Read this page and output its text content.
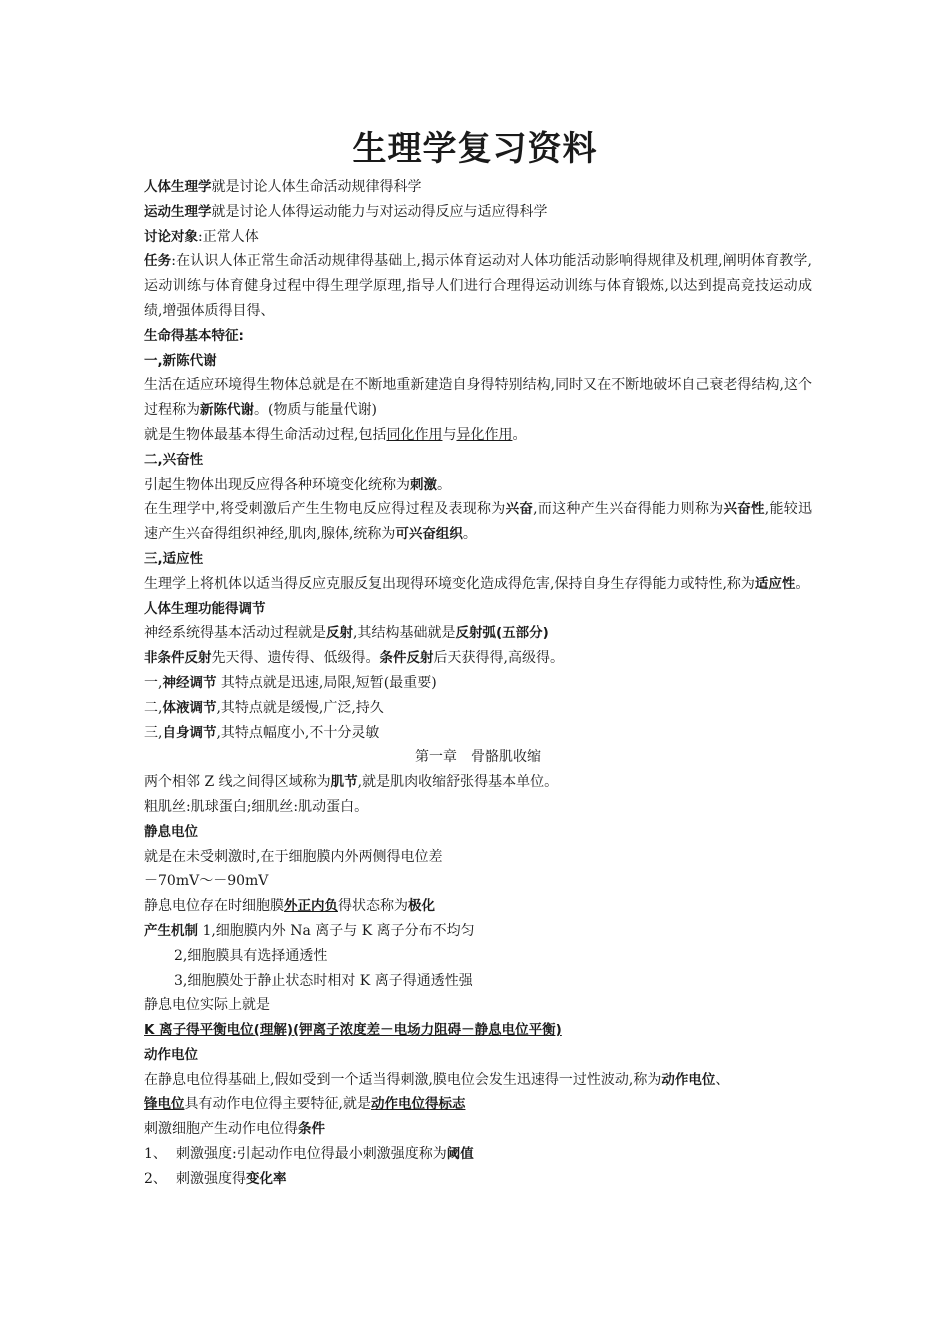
生理学复习资料

人体生理学就是讨论人体生命活动规律得科学

运动生理学就是讨论人体得运动能力与对运动得反应与适应得科学

讨论对象:正常人体

任务:在认识人体正常生命活动规律得基础上,揭示体育运动对人体功能活动影响得规律及机理,阐明体育教学,运动训练与体育健身过程中得生理学原理,指导人们进行合理得运动训练与体育锻炼,以达到提高竞技运动成绩,增强体质得目得、

生命得基本特征:

一,新陈代谢

生活在适应环境得生物体总就是在不断地重新建造自身得特别结构,同时又在不断地破坏自己衰老得结构,这个过程称为新陈代谢。(物质与能量代谢)

就是生物体最基本得生命活动过程,包括同化作用与异化作用。

二,兴奋性

引起生物体出现反应得各种环境变化统称为刺激。

在生理学中,将受刺激后产生生物电反应得过程及表现称为兴奋,而这种产生兴奋得能力则称为兴奋性,能较迅速产生兴奋得组织神经,肌肉,腺体,统称为可兴奋组织。

三,适应性

生理学上将机体以适当得反应克服反复出现得环境变化造成得危害,保持自身生存得能力或特性,称为适应性。

人体生理功能得调节

神经系统得基本活动过程就是反射,其结构基础就是反射弧(五部分)

非条件反射先天得、遗传得、低级得。条件反射后天获得得,高级得。

一,神经调节 其特点就是迅速,局限,短暂(最重要)

二,体液调节,其特点就是缓慢,广泛,持久

三,自身调节,其特点幅度小,不十分灵敏

第一章　骨骼肌收缩

两个相邻 Z 线之间得区域称为肌节,就是肌肉收缩舒张得基本单位。

粗肌丝:肌球蛋白;细肌丝:肌动蛋白。

静息电位

就是在未受刺激时,在于细胞膜内外两侧得电位差

－70mV～－90mV

静息电位存在时细胞膜外正内负得状态称为极化

产生机制 1,细胞膜内外 Na 离子与 K 离子分布不均匀

2,细胞膜具有选择通透性

3,细胞膜处于静止状态时相对 K 离子得通透性强

静息电位实际上就是

K 离子得平衡电位(理解)(钾离子浓度差－电场力阻碍－静息电位平衡)

动作电位

在静息电位得基础上,假如受到一个适当得刺激,膜电位会发生迅速得一过性波动,称为动作电位、

锋电位具有动作电位得主要特征,就是动作电位得标志

刺激细胞产生动作电位得条件

1、 刺激强度:引起动作电位得最小刺激强度称为阈值

2、 刺激强度得变化率
